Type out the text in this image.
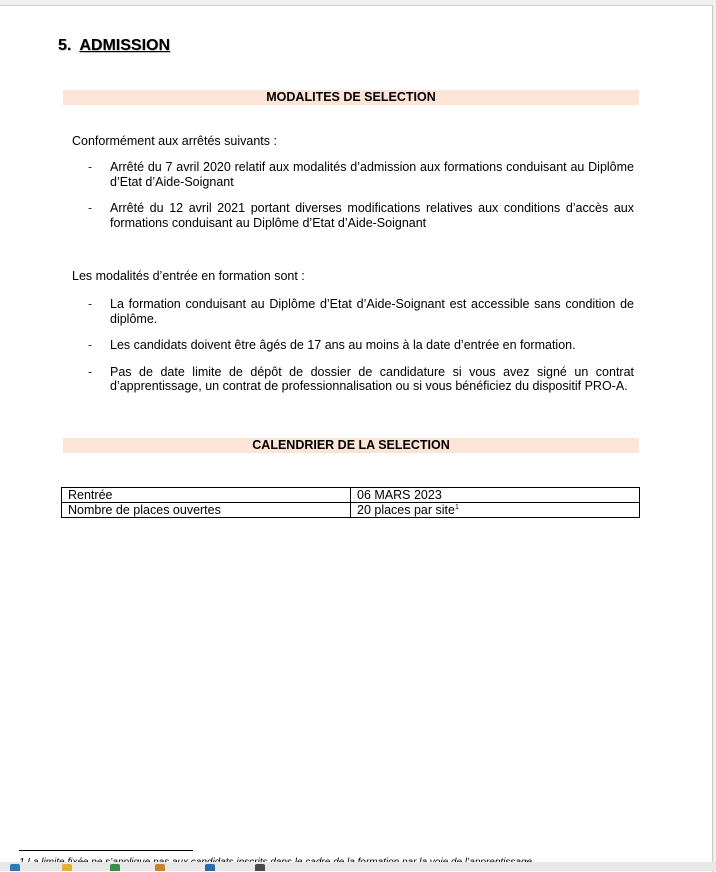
5. ADMISSION
MODALITES DE SELECTION
Conformément aux arrêtés suivants :
- Arrêté du 7 avril 2020 relatif aux modalités d’admission aux formations conduisant au Diplôme d’Etat d’Aide-Soignant
- Arrêté du 12 avril 2021 portant diverses modifications relatives aux conditions d’accès aux formations conduisant au Diplôme d’Etat d’Aide-Soignant
Les modalités d’entrée en formation sont :
- La formation conduisant au Diplôme d’Etat d’Aide-Soignant est accessible sans condition de diplôme.
- Les candidats doivent être âgés de 17 ans au moins à la date d’entrée en formation.
- Pas de date limite de dépôt de dossier de candidature si vous avez signé un contrat d’apprentissage, un contrat de professionnalisation ou si vous bénéficiez du dispositif PRO-A.
CALENDRIER DE LA SELECTION
Rentrée	06 MARS 2023
Nombre de places ouvertes	20 places par site$^1$
